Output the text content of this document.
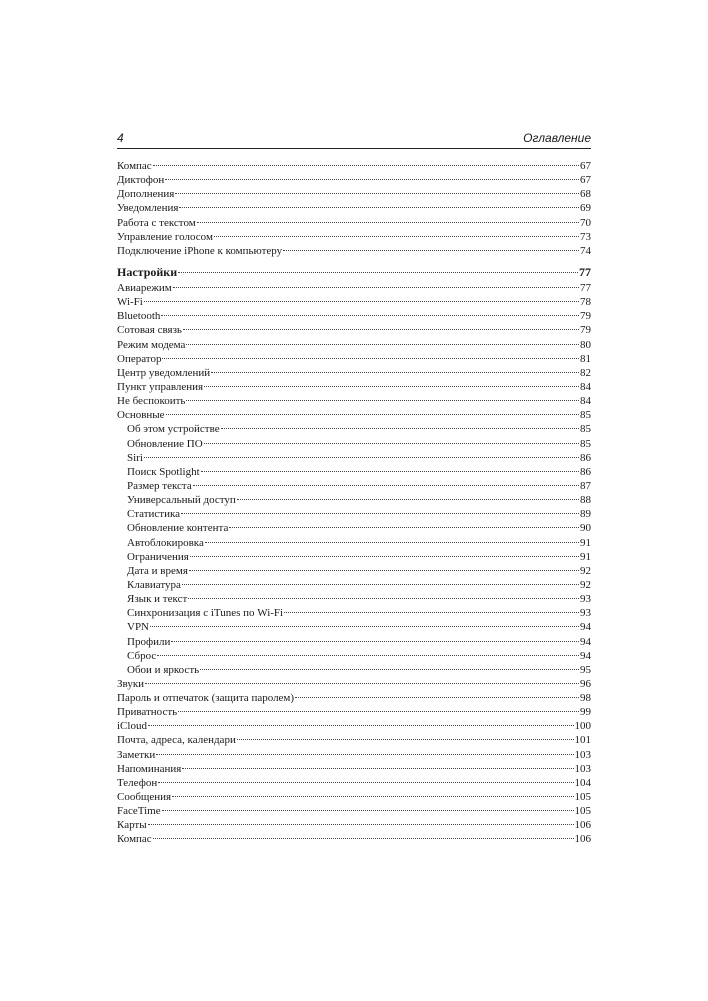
4	Оглавление
Компас	67
Диктофон	67
Дополнения	68
Уведомления	69
Работа с текстом	70
Управление голосом	73
Подключение iPhone к компьютеру	74
Настройки	77
Авиарежим	77
Wi-Fi	78
Bluetooth	79
Сотовая связь	79
Режим модема	80
Оператор	81
Центр уведомлений	82
Пункт управления	84
Не беспокоить	84
Основные	85
Об этом устройстве	85
Обновление ПО	85
Siri	86
Поиск Spotlight	86
Размер текста	87
Универсальный доступ	88
Статистика	89
Обновление контента	90
Автоблокировка	91
Ограничения	91
Дата и время	92
Клавиатура	92
Язык и текст	93
Синхронизация с iTunes по Wi-Fi	93
VPN	94
Профили	94
Сброс	94
Обои и яркость	95
Звуки	96
Пароль и отпечаток (защита паролем)	98
Приватность	99
iCloud	100
Почта, адреса, календари	101
Заметки	103
Напоминания	103
Телефон	104
Сообщения	105
FaceTime	105
Карты	106
Компас	106
